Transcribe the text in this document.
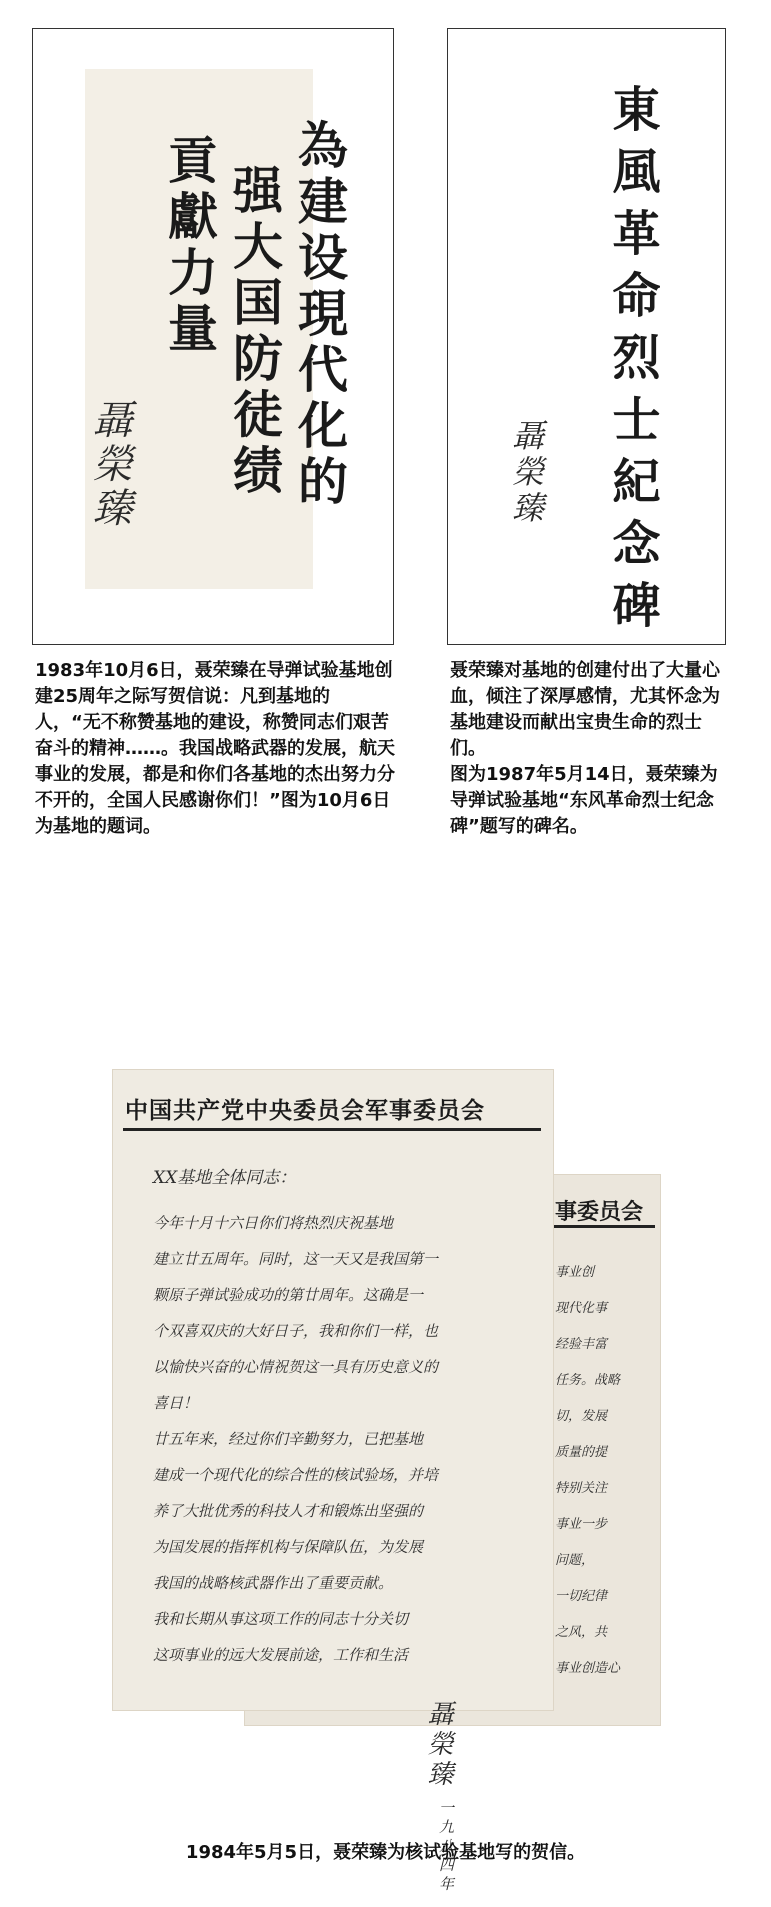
為建设現代化的
强大国防徒绩
貢獻力量
聶榮臻	東風革命烈士紀念碑
聶榮臻
1983年10月6日，聂荣臻在导弹试验基地创建25周年之际写贺信说：凡到基地的人，“无不称赞基地的建设，称赞同志们艰苦奋斗的精神……。我国战略武器的发展，航天事业的发展，都是和你们各基地的杰出努力分不开的，全国人民感谢你们！”图为10月6日为基地的题词。
聂荣臻对基地的创建付出了大量心血，倾注了深厚感情，尤其怀念为基地建设而献出宝贵生命的烈士们。
图为1987年5月14日，聂荣臻为导弹试验基地“东风革命烈士纪念碑”题写的碑名。
事委员会
事业创
现代化事
经验丰富
任务。战略
切，发展
质量的提
特别关注
事业一步
问题，
一切纪律
之风，共
事业创造心
中国共产党中央委员会军事委员会
XX基地全体同志：
今年十月十六日你们将热烈庆祝基地
建立廿五周年。同时，这一天又是我国第一
颗原子弹试验成功的第廿周年。这确是一
个双喜双庆的大好日子，我和你们一样，也
以愉快兴奋的心情祝贺这一具有历史意义的
喜日！
廿五年来，经过你们辛勤努力，已把基地
建成一个现代化的综合性的核试验场，并培
养了大批优秀的科技人才和锻炼出坚强的
为国发展的指挥机构与保障队伍，为发展
我国的战略核武器作出了重要贡献。
我和长期从事这项工作的同志十分关切
这项事业的远大发展前途，工作和生活
聶榮臻
一九八四年
1984年5月5日，聂荣臻为核试验基地写的贺信。
